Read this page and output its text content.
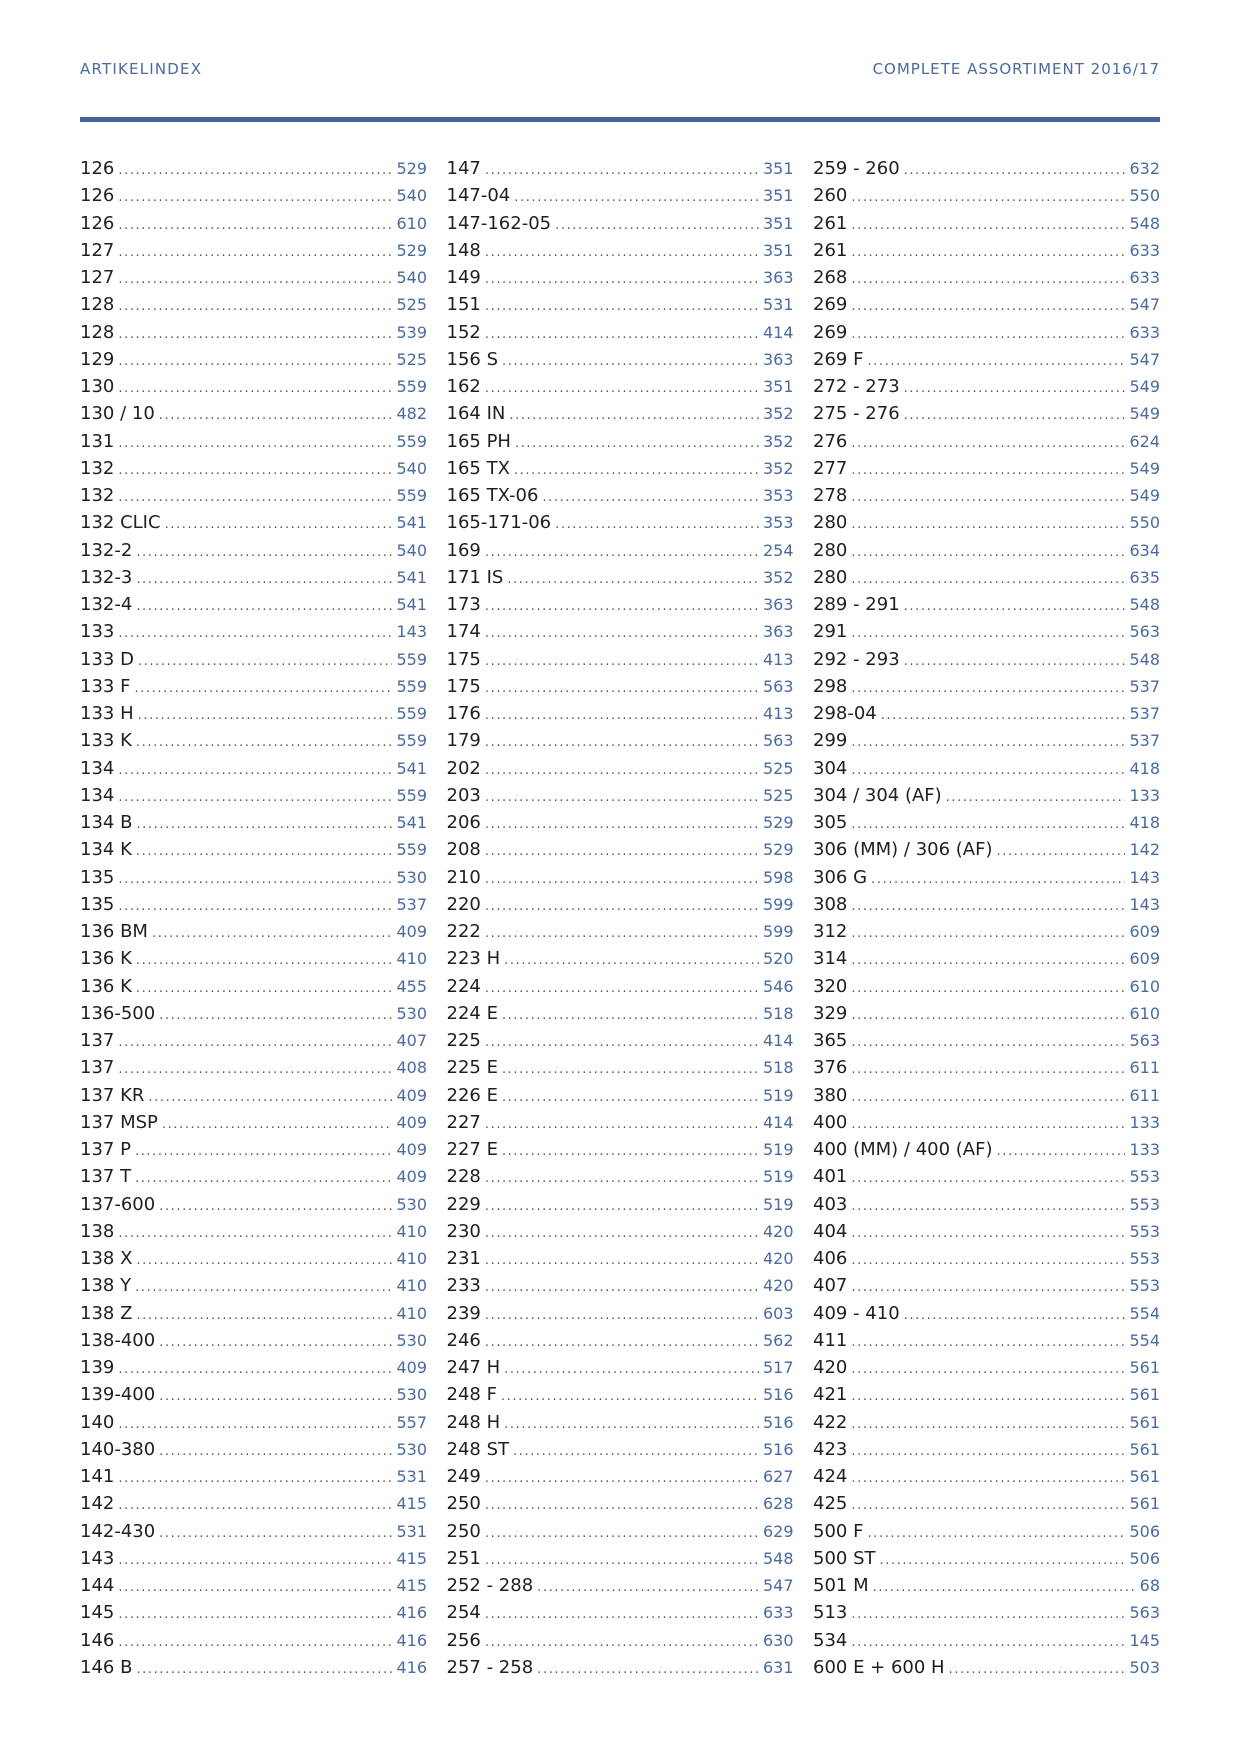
ARTIKELINDEX	COMPLETE ASSORTIMENT 2016/17
126 .....	529
126 .....	540
126 .....	610
127 .....	529
127 .....	540
128 .....	525
128 .....	539
129 .....	525
130 .....	559
130 / 10 .....	482
131 .....	559
132 .....	540
132 .....	559
132 CLIC .....	541
132-2 .....	540
132-3 .....	541
132-4 .....	541
133 .....	143
133 D .....	559
133 F .....	559
133 H .....	559
133 K .....	559
134 .....	541
134 .....	559
134 B .....	541
134 K .....	559
135 .....	530
135 .....	537
136 BM .....	409
136 K .....	410
136 K .....	455
136-500 .....	530
137 .....	407
137 .....	408
137 KR .....	409
137 MSP .....	409
137 P .....	409
137 T .....	409
137-600 .....	530
138 .....	410
138 X .....	410
138 Y .....	410
138 Z .....	410
138-400 .....	530
139 .....	409
139-400 .....	530
140 .....	557
140-380 .....	530
141 .....	531
142 .....	415
142-430 .....	531
143 .....	415
144 .....	415
145 .....	416
146 .....	416
146 B .....	416
147 .....	351
147-04 .....	351
147-162-05 .....	351
148 .....	351
149 .....	363
151 .....	531
152 .....	414
156 S .....	363
162 .....	351
164 IN .....	352
165 PH .....	352
165 TX .....	352
165 TX-06 .....	353
165-171-06 .....	353
169 .....	254
171 IS .....	352
173 .....	363
174 .....	363
175 .....	413
175 .....	563
176 .....	413
179 .....	563
202 .....	525
203 .....	525
206 .....	529
208 .....	529
210 .....	598
220 .....	599
222 .....	599
223 H .....	520
224 .....	546
224 E .....	518
225 .....	414
225 E .....	518
226 E .....	519
227 .....	414
227 E .....	519
228 .....	519
229 .....	519
230 .....	420
231 .....	420
233 .....	420
239 .....	603
246 .....	562
247 H .....	517
248 F .....	516
248 H .....	516
248 ST .....	516
249 .....	627
250 .....	628
250 .....	629
251 .....	548
252 - 288 .....	547
254 .....	633
256 .....	630
257 - 258 .....	631
259 - 260 .....	632
260 .....	550
261 .....	548
261 .....	633
268 .....	633
269 .....	547
269 .....	633
269 F .....	547
272 - 273 .....	549
275 - 276 .....	549
276 .....	624
277 .....	549
278 .....	549
280 .....	550
280 .....	634
280 .....	635
289 - 291 .....	548
291 .....	563
292 - 293 .....	548
298 .....	537
298-04 .....	537
299 .....	537
304 .....	418
304 / 304 (AF) .....	133
305 .....	418
306 (MM) / 306 (AF) .....	142
306 G .....	143
308 .....	143
312 .....	609
314 .....	609
320 .....	610
329 .....	610
365 .....	563
376 .....	611
380 .....	611
400 .....	133
400 (MM) / 400 (AF) .....	133
401 .....	553
403 .....	553
404 .....	553
406 .....	553
407 .....	553
409 - 410 .....	554
411 .....	554
420 .....	561
421 .....	561
422 .....	561
423 .....	561
424 .....	561
425 .....	561
500 F .....	506
500 ST .....	506
501 M .....	68
513 .....	563
534 .....	145
600 E + 600 H .....	503
